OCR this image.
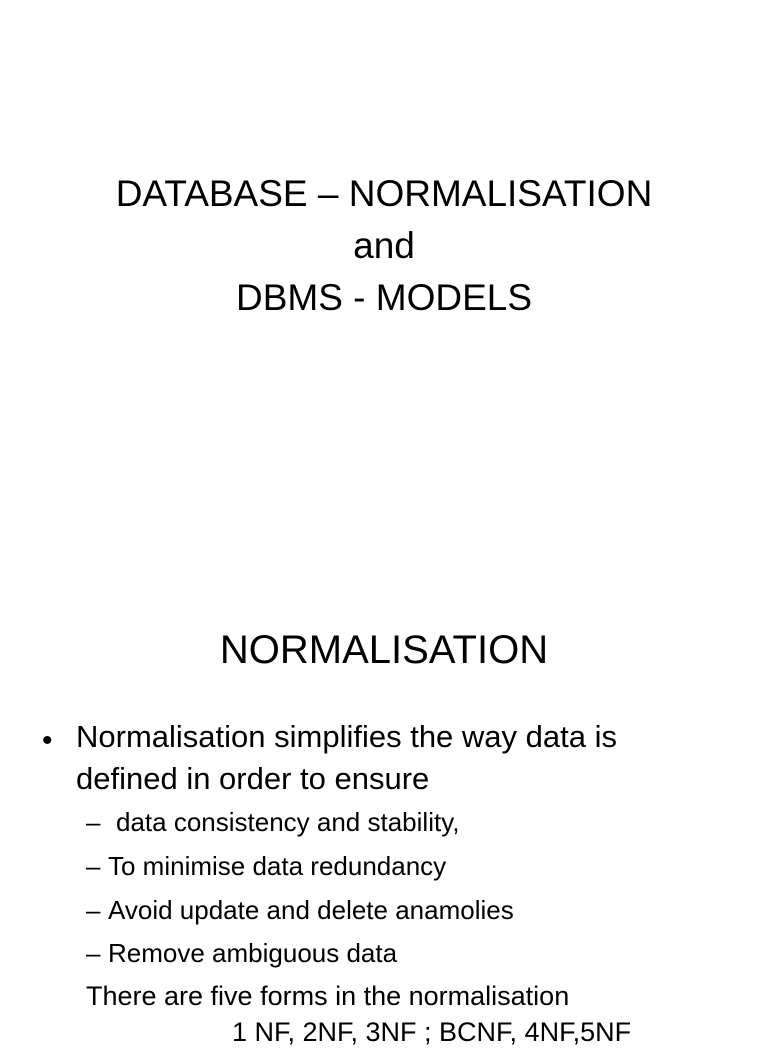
DATABASE – NORMALISATION
and
DBMS - MODELS
NORMALISATION
• Normalisation simplifies the way data is defined in order to ensure
– data consistency and stability,
– To minimise data redundancy
– Avoid update and delete anamolies
– Remove ambiguous data
There are five forms in the normalisation
1 NF, 2NF, 3NF ; BCNF, 4NF,5NF
